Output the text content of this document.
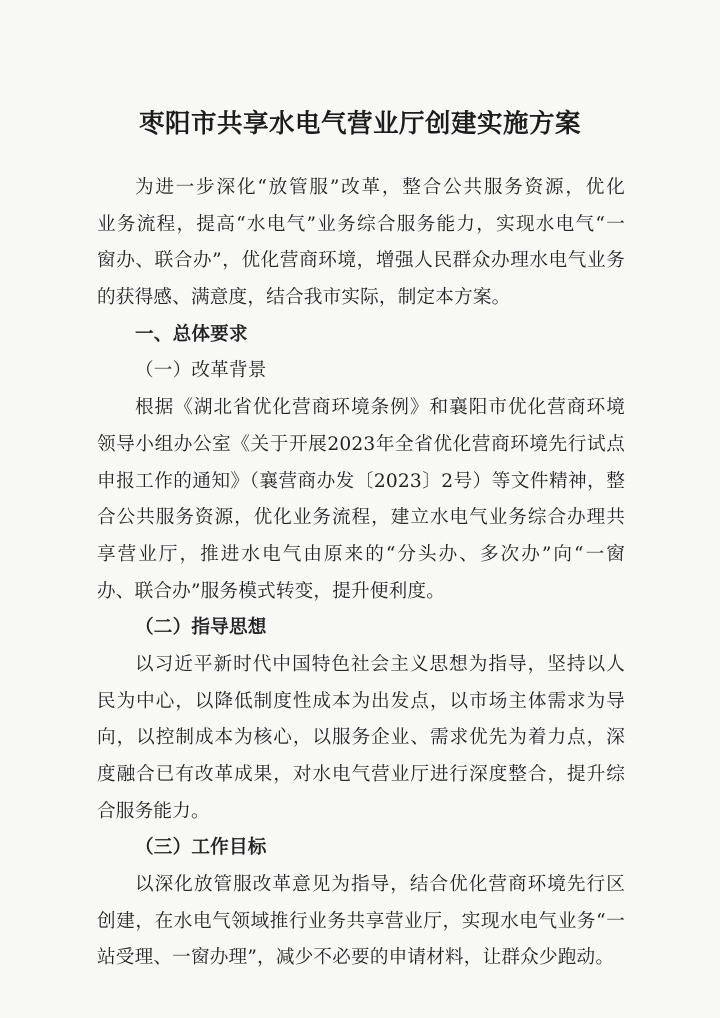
枣阳市共享水电气营业厅创建实施方案
为进一步深化“放管服”改革，整合公共服务资源，优化
业务流程，提高“水电气”业务综合服务能力，实现水电气“一
窗办、联合办”，优化营商环境，增强人民群众办理水电气业务
的获得感、满意度，结合我市实际，制定本方案。
一、总体要求
（一）改革背景
根据《湖北省优化营商环境条例》和襄阳市优化营商环境
领导小组办公室《关于开展2023年全省优化营商环境先行试点
申报工作的通知》（襄营商办发〔2023〕2号）等文件精神，整
合公共服务资源，优化业务流程，建立水电气业务综合办理共
享营业厅，推进水电气由原来的“分头办、多次办”向“一窗
办、联合办”服务模式转变，提升便利度。
（二）指导思想
以习近平新时代中国特色社会主义思想为指导，坚持以人
民为中心，以降低制度性成本为出发点，以市场主体需求为导
向，以控制成本为核心，以服务企业、需求优先为着力点，深
度融合已有改革成果，对水电气营业厅进行深度整合，提升综
合服务能力。
（三）工作目标
以深化放管服改革意见为指导，结合优化营商环境先行区
创建，在水电气领域推行业务共享营业厅，实现水电气业务“一
站受理、一窗办理”，减少不必要的申请材料，让群众少跑动。
